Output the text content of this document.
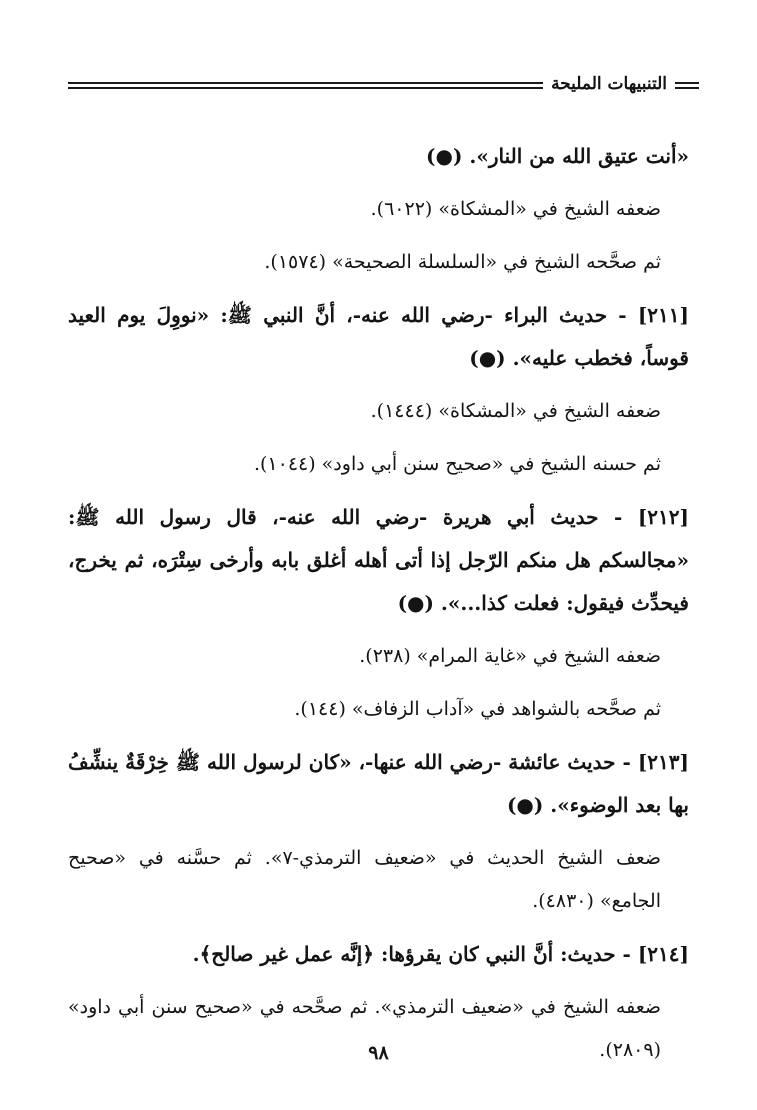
التنبيهات المليحة

«أنت عتيق الله من النار». (●)

ضعفه الشيخ في «المشكاة» (٦٠٢٢).

ثم صحَّحه الشيخ في «السلسلة الصحيحة» (١٥٧٤).

[٢١١] - حديث البراء -رضي الله عنه-، أنَّ النبي ﷺ: «نووِلَ يوم العيد قوساً، فخطب عليه». (●)

ضعفه الشيخ في «المشكاة» (١٤٤٤).

ثم حسنه الشيخ في «صحيح سنن أبي داود» (١٠٤٤).

[٢١٢] - حديث أبي هريرة -رضي الله عنه-، قال رسول الله ﷺ: «مجالسكم هل منكم الرّجل إذا أتى أهله أغلق بابه وأرخى سِتْرَه، ثم يخرج، فيحدِّث فيقول: فعلت كذا...». (●)

ضعفه الشيخ في «غاية المرام» (٢٣٨).

ثم صحَّحه بالشواهد في «آداب الزفاف» (١٤٤).

[٢١٣] - حديث عائشة -رضي الله عنها-، «كان لرسول الله ﷺ خِرْقَةٌ ينشِّفُ بها بعد الوضوء». (●)

ضعف الشيخ الحديث في «ضعيف الترمذي-٧». ثم حسَّنه في «صحيح الجامع» (٤٨٣٠).

[٢١٤] - حديث: أنَّ النبي كان يقرؤها: ﴿إنَّه عمل غير صالح﴾.

ضعفه الشيخ في «ضعيف الترمذي». ثم صحَّحه في «صحيح سنن أبي داود» (٢٨٠٩).

٩٨
